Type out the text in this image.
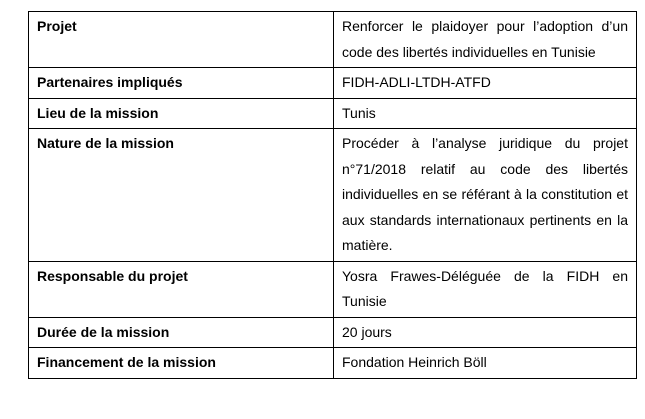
Projet	Renforcer le plaidoyer pour l’adoption d’un code des libertés individuelles en Tunisie
Partenaires impliqués	FIDH-ADLI-LTDH-ATFD
Lieu de la mission	Tunis
Nature de la mission	Procéder à l’analyse juridique du projet n°71/2018 relatif au code des libertés individuelles en se référant à la constitution et aux standards internationaux pertinents en la matière.
Responsable du projet	Yosra Frawes-Déléguée de la FIDH en Tunisie
Durée de la mission	20 jours
Financement de la mission	Fondation Heinrich Böll
